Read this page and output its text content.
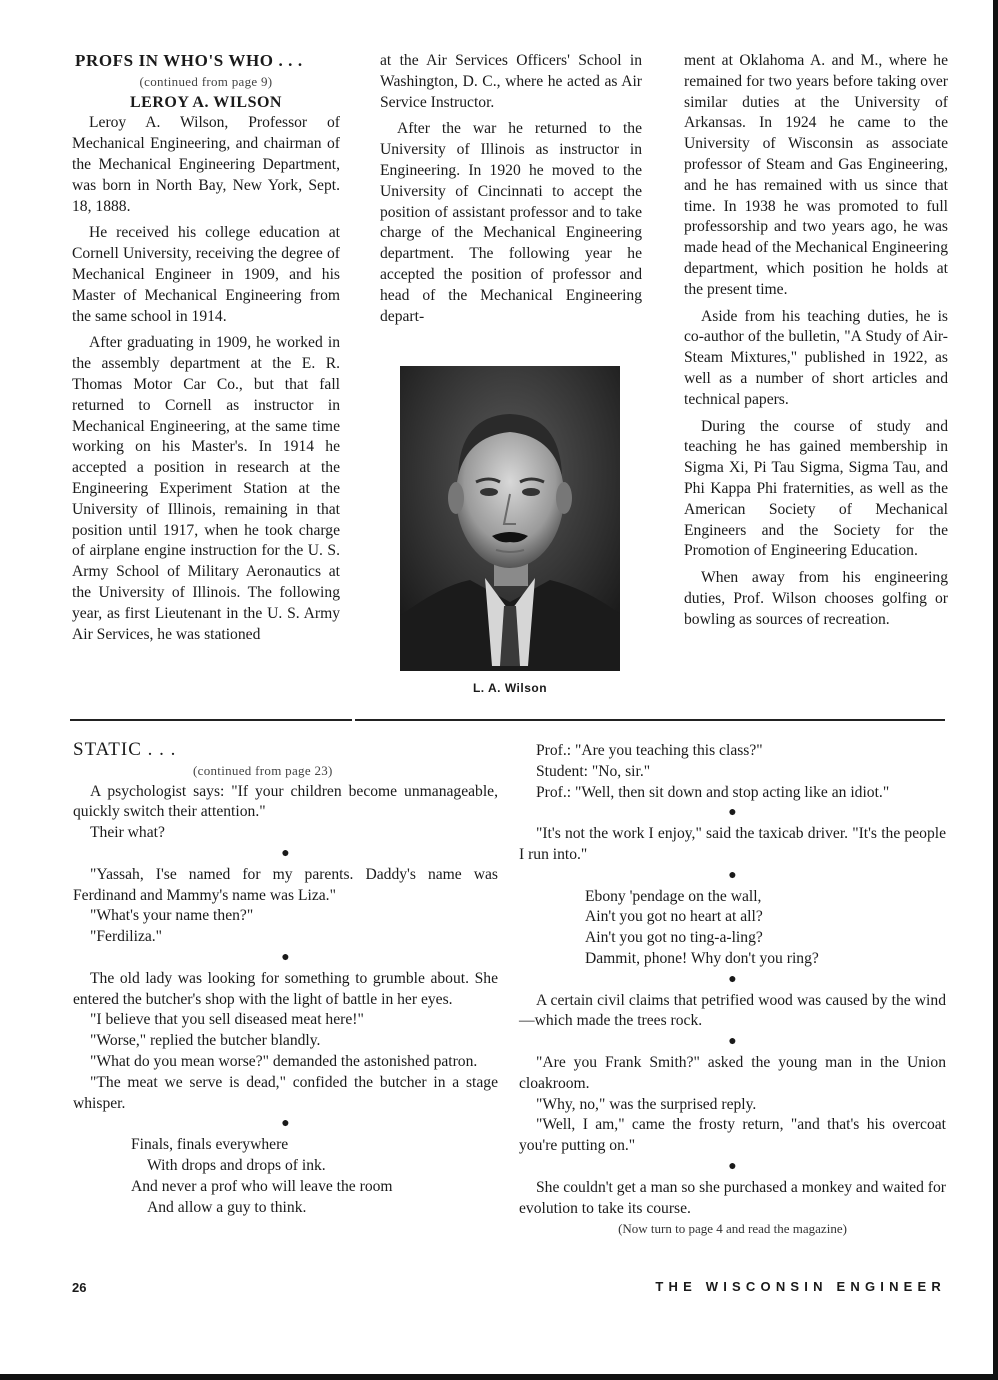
PROFS IN WHO'S WHO . . .
(continued from page 9)
LEROY A. WILSON

Leroy A. Wilson, Professor of Mechanical Engineering, and chairman of the Mechanical Engineering Department, was born in North Bay, New York, Sept. 18, 1888.

He received his college education at Cornell University, receiving the degree of Mechanical Engineer in 1909, and his Master of Mechanical Engineering from the same school in 1914.

After graduating in 1909, he worked in the assembly department at the E. R. Thomas Motor Car Co., but that fall returned to Cornell as instructor in Mechanical Engineering, at the same time working on his Master's. In 1914 he accepted a position in research at the Engineering Experiment Station at the University of Illinois, remaining in that position until 1917, when he took charge of airplane engine instruction for the U. S. Army School of Military Aeronautics at the University of Illinois. The following year, as first Lieutenant in the U. S. Army Air Services, he was stationed

at the Air Services Officers' School in Washington, D. C., where he acted as Air Service Instructor.

After the war he returned to the University of Illinois as instructor in Engineering. In 1920 he moved to the University of Cincinnati to accept the position of assistant professor and to take charge of the Mechanical Engineering department. The following year he accepted the position of professor and head of the Mechanical Engineering depart-

L. A. Wilson

ment at Oklahoma A. and M., where he remained for two years before taking over similar duties at the University of Arkansas. In 1924 he came to the University of Wisconsin as associate professor of Steam and Gas Engineering, and he has remained with us since that time. In 1938 he was promoted to full professorship and two years ago, he was made head of the Mechanical Engineering department, which position he holds at the present time.

Aside from his teaching duties, he is co-author of the bulletin, "A Study of Air-Steam Mixtures," published in 1922, as well as a number of short articles and technical papers.

During the course of study and teaching he has gained membership in Sigma Xi, Pi Tau Sigma, Sigma Tau, and Phi Kappa Phi fraternities, as well as the American Society of Mechanical Engineers and the Society for the Promotion of Engineering Education.

When away from his engineering duties, Prof. Wilson chooses golfing or bowling as sources of recreation.

STATIC . . .
(continued from page 23)

A psychologist says: "If your children become unmanageable, quickly switch their attention."

Their what?

●

"Yassah, I'se named for my parents. Daddy's name was Ferdinand and Mammy's name was Liza."

"What's your name then?"

"Ferdiliza."

●

The old lady was looking for something to grumble about. She entered the butcher's shop with the light of battle in her eyes.

"I believe that you sell diseased meat here!"

"Worse," replied the butcher blandly.

"What do you mean worse?" demanded the astonished patron.

"The meat we serve is dead," confided the butcher in a stage whisper.

●
Finals, finals everywhere
With drops and drops of ink.
And never a prof who will leave the room
And allow a guy to think.

Prof.: "Are you teaching this class?"

Student: "No, sir."

Prof.: "Well, then sit down and stop acting like an idiot."

●

"It's not the work I enjoy," said the taxicab driver. "It's the people I run into."

●
Ebony 'pendage on the wall,
Ain't you got no heart at all?
Ain't you got no ting-a-ling?
Dammit, phone! Why don't you ring?
●

A certain civil claims that petrified wood was caused by the wind—which made the trees rock.

●

"Are you Frank Smith?" asked the young man in the Union cloakroom.

"Why, no," was the surprised reply.

"Well, I am," came the frosty return, "and that's his overcoat you're putting on."

●

She couldn't get a man so she purchased a monkey and waited for evolution to take its course.

(Now turn to page 4 and read the magazine)

26	THE WISCONSIN ENGINEER
